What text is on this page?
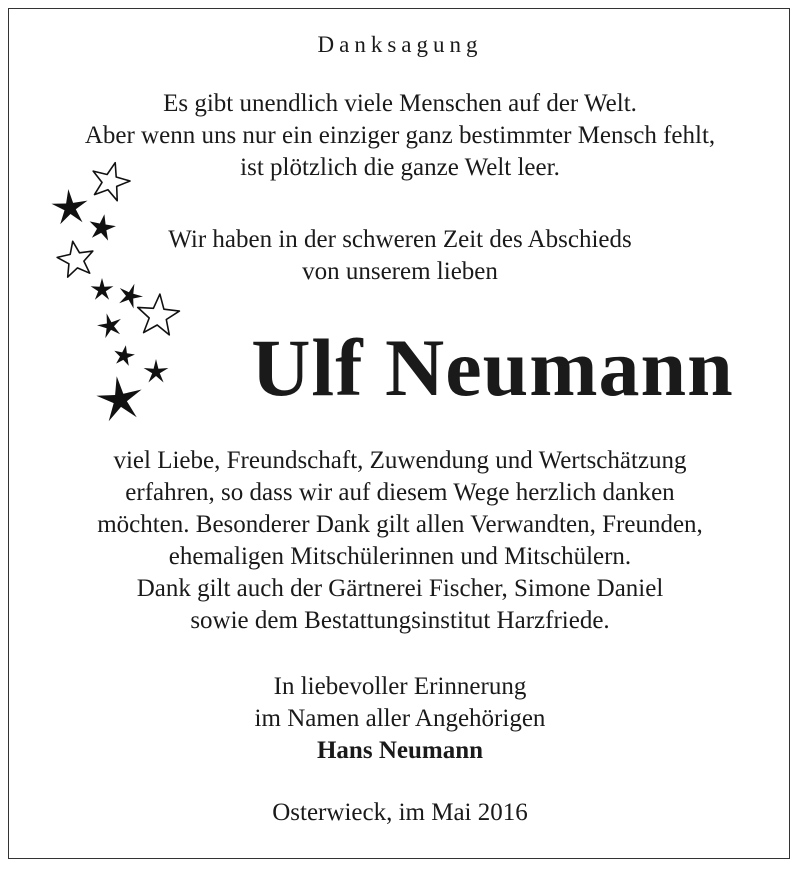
Danksagung
Es gibt unendlich viele Menschen auf der Welt.
Aber wenn uns nur ein einziger ganz bestimmter Mensch fehlt,
ist plötzlich die ganze Welt leer.
Wir haben in der schweren Zeit des Abschieds
von unserem lieben
Ulf Neumann
viel Liebe, Freundschaft, Zuwendung und Wertschätzung
erfahren, so dass wir auf diesem Wege herzlich danken
möchten. Besonderer Dank gilt allen Verwandten, Freunden,
ehemaligen Mitschülerinnen und Mitschülern.
Dank gilt auch der Gärtnerei Fischer, Simone Daniel
sowie dem Bestattungsinstitut Harzfriede.
In liebevoller Erinnerung
im Namen aller Angehörigen
Hans Neumann
Osterwieck, im Mai 2016
